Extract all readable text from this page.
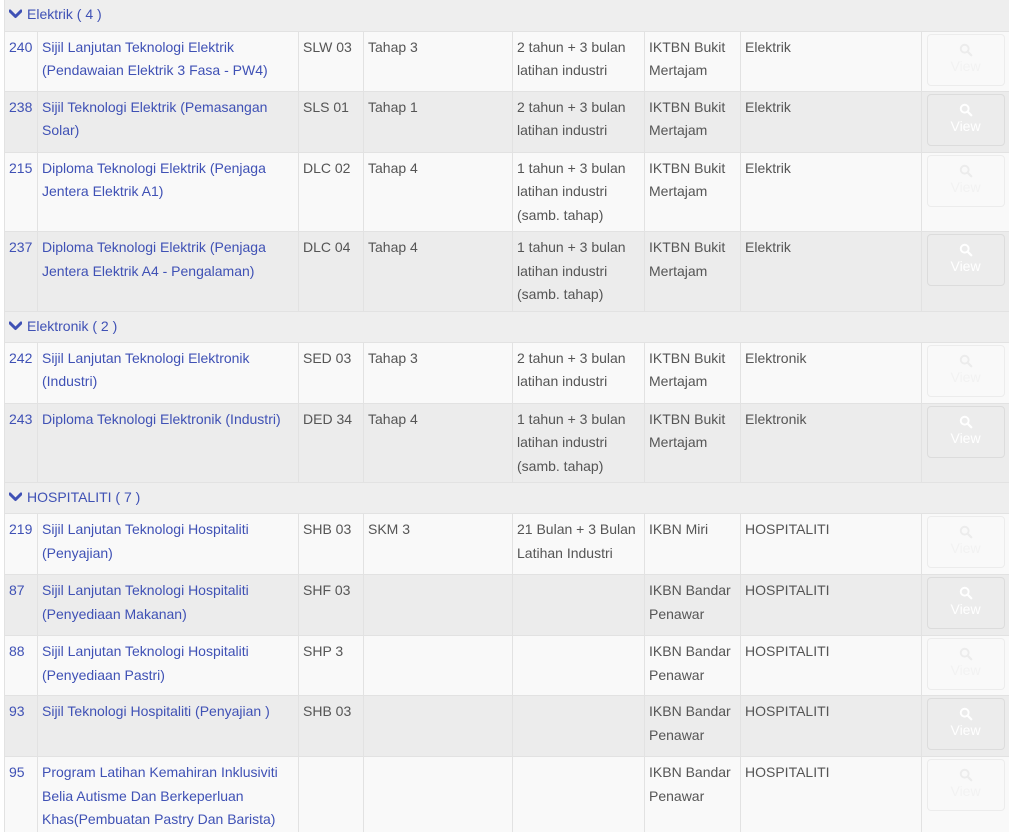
Elektrik ( 4 )							
240	Sijil Lanjutan Teknologi Elektrik (Pendawaian Elektrik 3 Fasa - PW4)	SLW 03	Tahap 3	2 tahun + 3 bulan latihan industri	IKTBN Bukit Mertajam	Elektrik	View

238	Sijil Teknologi Elektrik (Pemasangan Solar)	SLS 01	Tahap 1	2 tahun + 3 bulan latihan industri	IKTBN Bukit Mertajam	Elektrik	View

215	Diploma Teknologi Elektrik (Penjaga Jentera Elektrik A1)	DLC 02	Tahap 4	1 tahun + 3 bulan latihan industri (samb. tahap)	IKTBN Bukit Mertajam	Elektrik	View

237	Diploma Teknologi Elektrik (Penjaga Jentera Elektrik A4 - Pengalaman)	DLC 04	Tahap 4	1 tahun + 3 bulan latihan industri (samb. tahap)	IKTBN Bukit Mertajam	Elektrik	View

Elektronik ( 2 )							
242	Sijil Lanjutan Teknologi Elektronik (Industri)	SED 03	Tahap 3	2 tahun + 3 bulan latihan industri	IKTBN Bukit Mertajam	Elektronik	View

243	Diploma Teknologi Elektronik (Industri)	DED 34	Tahap 4	1 tahun + 3 bulan latihan industri (samb. tahap)	IKTBN Bukit Mertajam	Elektronik	View

HOSPITALITI ( 7 )							
219	Sijil Lanjutan Teknologi Hospitaliti (Penyajian)	SHB 03	SKM 3	21 Bulan + 3 Bulan Latihan Industri	IKBN Miri	HOSPITALITI	View

87	Sijil Lanjutan Teknologi Hospitaliti (Penyediaan Makanan)	SHF 03			IKBN Bandar Penawar	HOSPITALITI	View

88	Sijil Lanjutan Teknologi Hospitaliti (Penyediaan Pastri)	SHP 3			IKBN Bandar Penawar	HOSPITALITI	View

93	Sijil Teknologi Hospitaliti (Penyajian )	SHB 03			IKBN Bandar Penawar	HOSPITALITI	View

95	Program Latihan Kemahiran Inklusiviti Belia Autisme Dan Berkeperluan Khas(Pembuatan Pastry Dan Barista)				IKBN Bandar Penawar	HOSPITALITI	View
